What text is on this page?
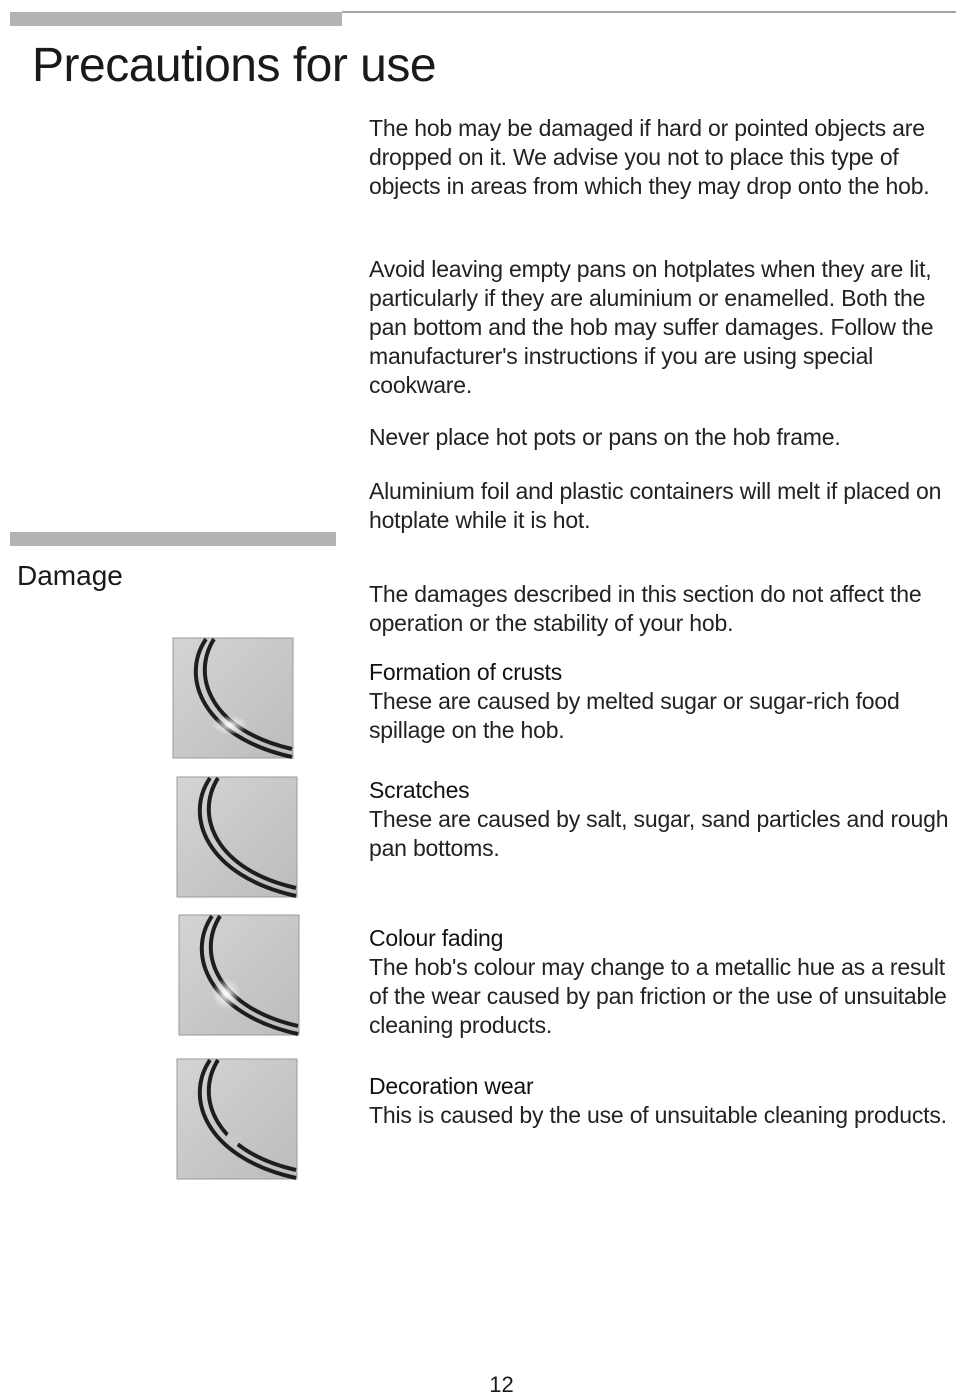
Precautions for use

The hob may be damaged if hard or pointed objects are dropped on it. We advise you not to place this type of objects in areas from which they may drop onto the hob.

Avoid leaving empty pans on hotplates when they are lit, particularly if they are aluminium or enamelled. Both the pan bottom and the hob may suffer damages. Follow the manufacturer's instructions if you are using special cookware.

Never place hot pots or pans on the hob frame.

Aluminium foil and plastic containers will melt if placed on hotplate while it is hot.

Damage

The damages described in this section do not affect the operation or the stability of your hob.

Formation of crusts
These are caused by melted sugar or sugar-rich food spillage on the hob.
Scratches
These are caused by salt, sugar, sand particles and rough pan bottoms.
Colour fading
The hob's colour may change to a metallic hue as a result of the wear caused by pan friction or the use of unsuitable cleaning products.
Decoration wear
This is caused by the use of unsuitable cleaning products.
12
